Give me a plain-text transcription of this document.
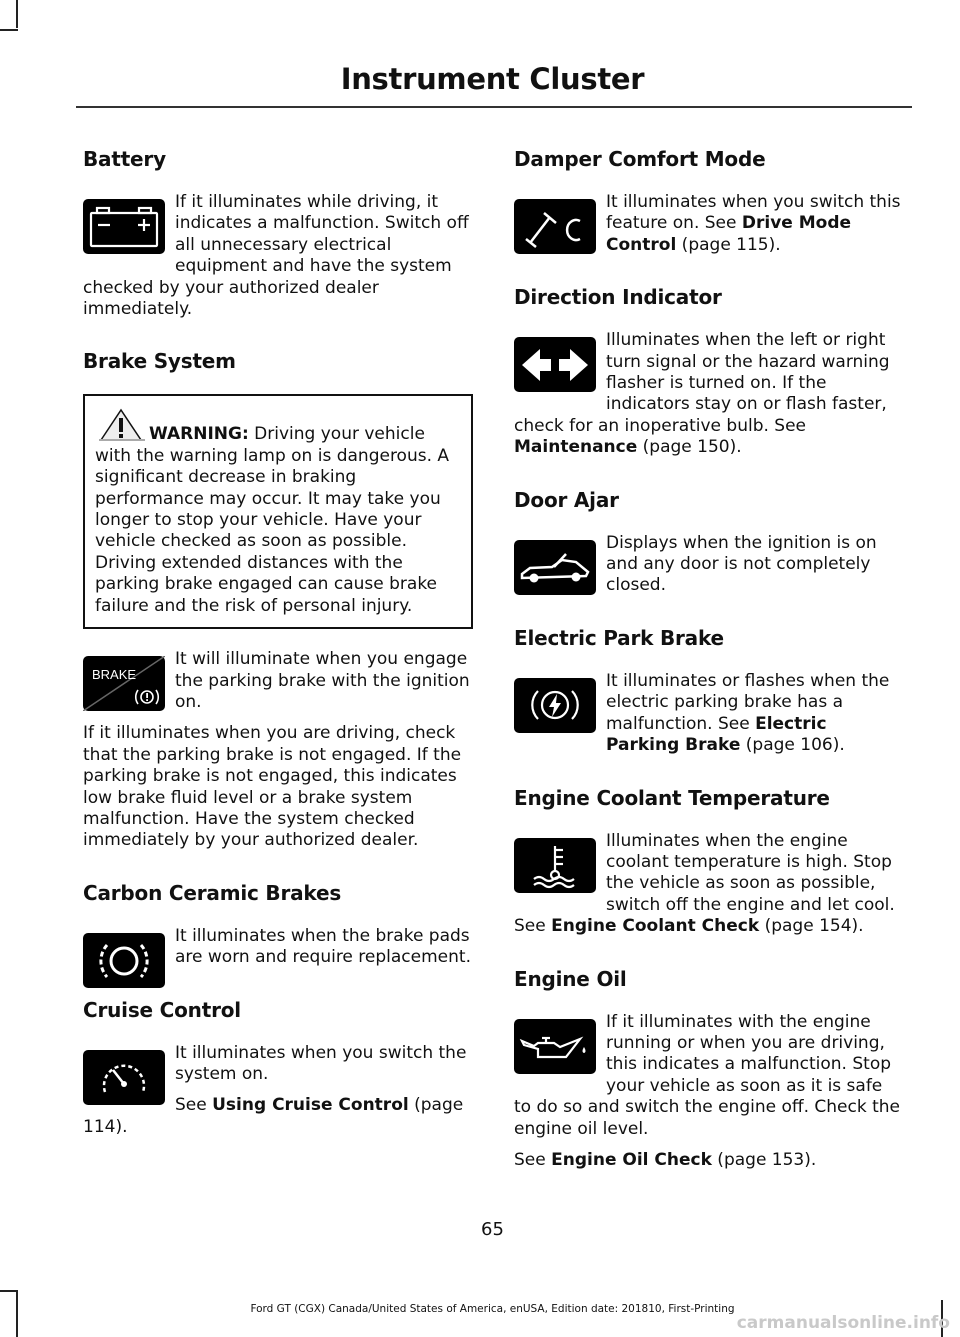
Instrument Cluster
Battery

If it illuminates while driving, it indicates a malfunction. Switch off all unnecessary electrical equipment and have the system checked by your authorized dealer immediately.

Brake System

WARNING: Driving your vehicle with the warning lamp on is dangerous. A significant decrease in braking performance may occur. It may take you longer to stop your vehicle. Have your vehicle checked as soon as possible. Driving extended distances with the parking brake engaged can cause brake failure and the risk of personal injury.

BRAKE

It will illuminate when you engage the parking brake with the ignition on.

If it illuminates when you are driving, check that the parking brake is not engaged. If the parking brake is not engaged, this indicates low brake fluid level or a brake system malfunction. Have the system checked immediately by your authorized dealer.

Carbon Ceramic Brakes

It illuminates when the brake pads are worn and require replacement.

Cruise Control

It illuminates when you switch the system on.

See Using Cruise Control (page 114).

Damper Comfort Mode

It illuminates when you switch this feature on. See Drive Mode Control (page 115).

Direction Indicator

Illuminates when the left or right turn signal or the hazard warning flasher is turned on. If the indicators stay on or flash faster, check for an inoperative bulb. See Maintenance (page 150).

Door Ajar

Displays when the ignition is on and any door is not completely closed.

Electric Park Brake

It illuminates or flashes when the electric parking brake has a malfunction. See Electric Parking Brake (page 106).

Engine Coolant Temperature

Illuminates when the engine coolant temperature is high. Stop the vehicle as soon as possible, switch off the engine and let cool. See Engine Coolant Check (page 154).

Engine Oil

If it illuminates with the engine running or when you are driving, this indicates a malfunction. Stop your vehicle as soon as it is safe to do so and switch the engine off. Check the engine oil level.

See Engine Oil Check (page 153).

65
Ford GT (CGX) Canada/United States of America, enUSA, Edition date: 201810, First-Printing
carmanualsonline.info
